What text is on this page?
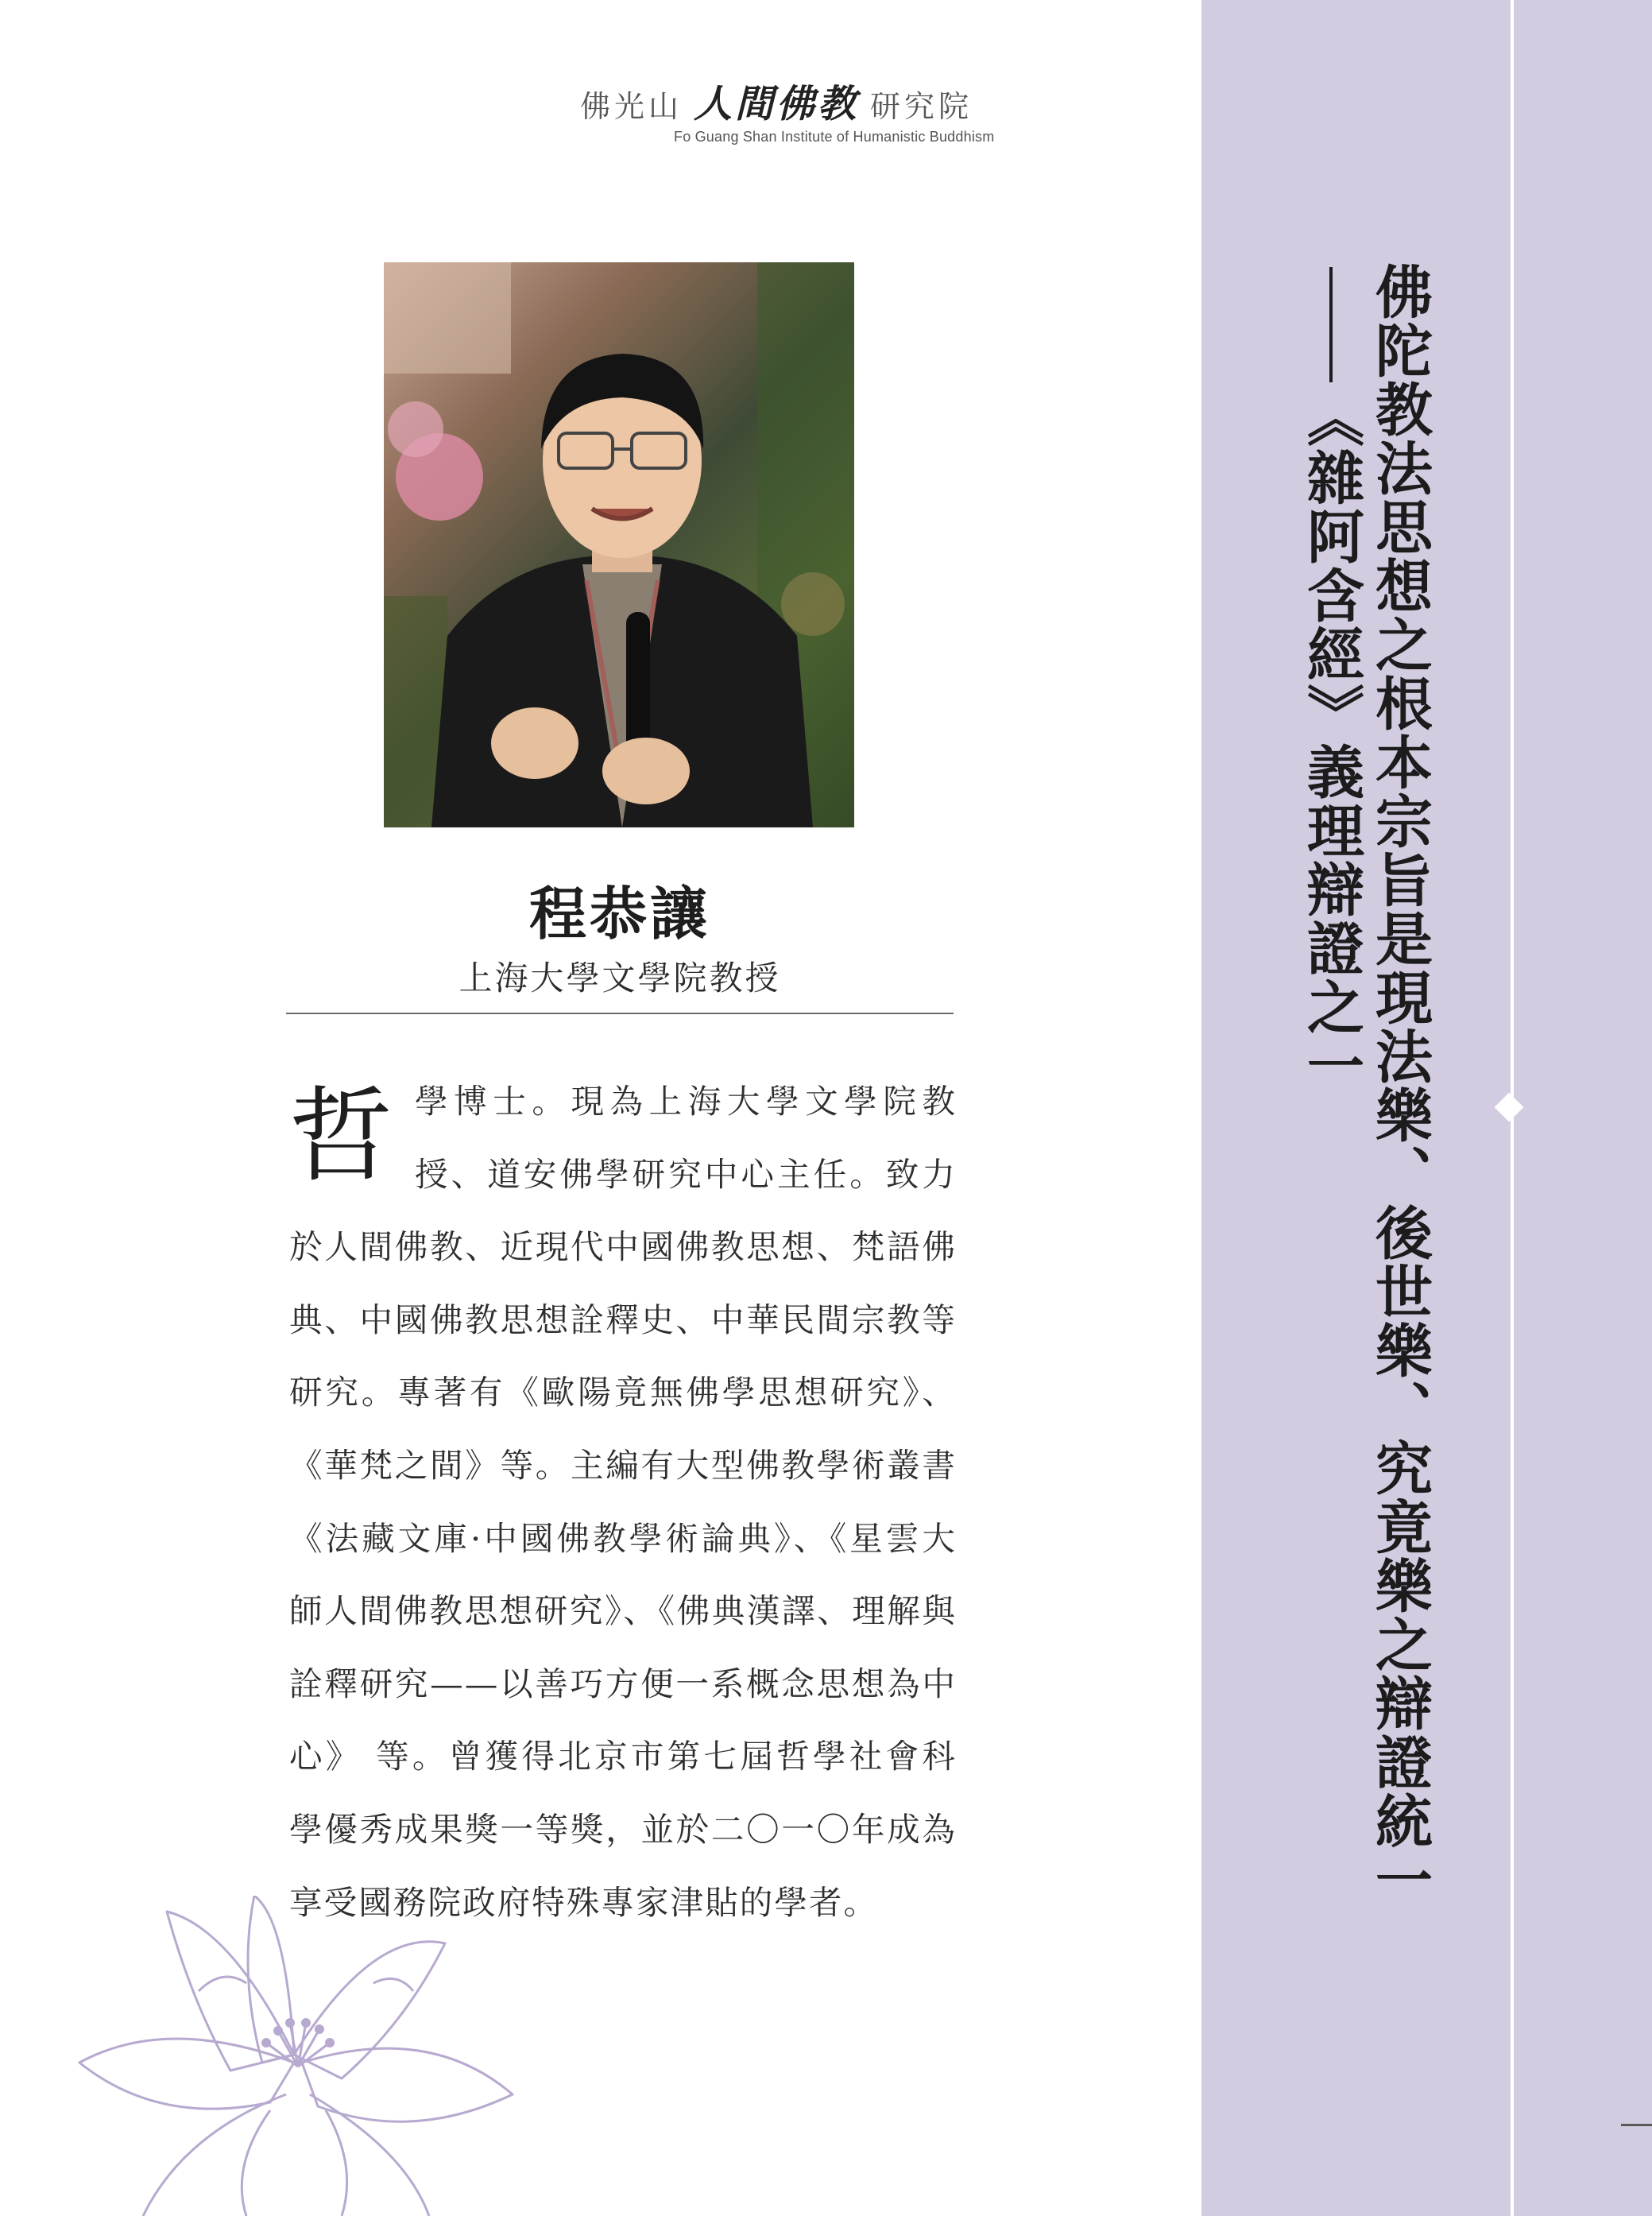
佛光山 人間佛教 研究院
Fo Guang Shan Institute of Humanistic Buddhism
程恭讓
上海大學文學院教授
哲 學博士。現為上海大學文學院教授、道安佛學研究中心主任。致力於人間佛教、近現代中國佛教思想、梵語佛典、中國佛教思想詮釋史、中華民間宗教等研究。專著有《歐陽竟無佛學思想研究》、《華梵之間》等。主編有大型佛教學術叢書《法藏文庫·中國佛教學術論典》、《星雲大師人間佛教思想研究》、《佛典漢譯、理解與詮釋研究——以善巧方便一系概念思想為中心》 等。曾獲得北京市第七屆哲學社會科學優秀成果獎一等獎，並於二〇一〇年成為享受國務院政府特殊專家津貼的學者。	佛陀教法思想之根本宗旨是現法樂、後世樂、究竟樂之辯證統一
《雜阿含經》義理辯證之一
